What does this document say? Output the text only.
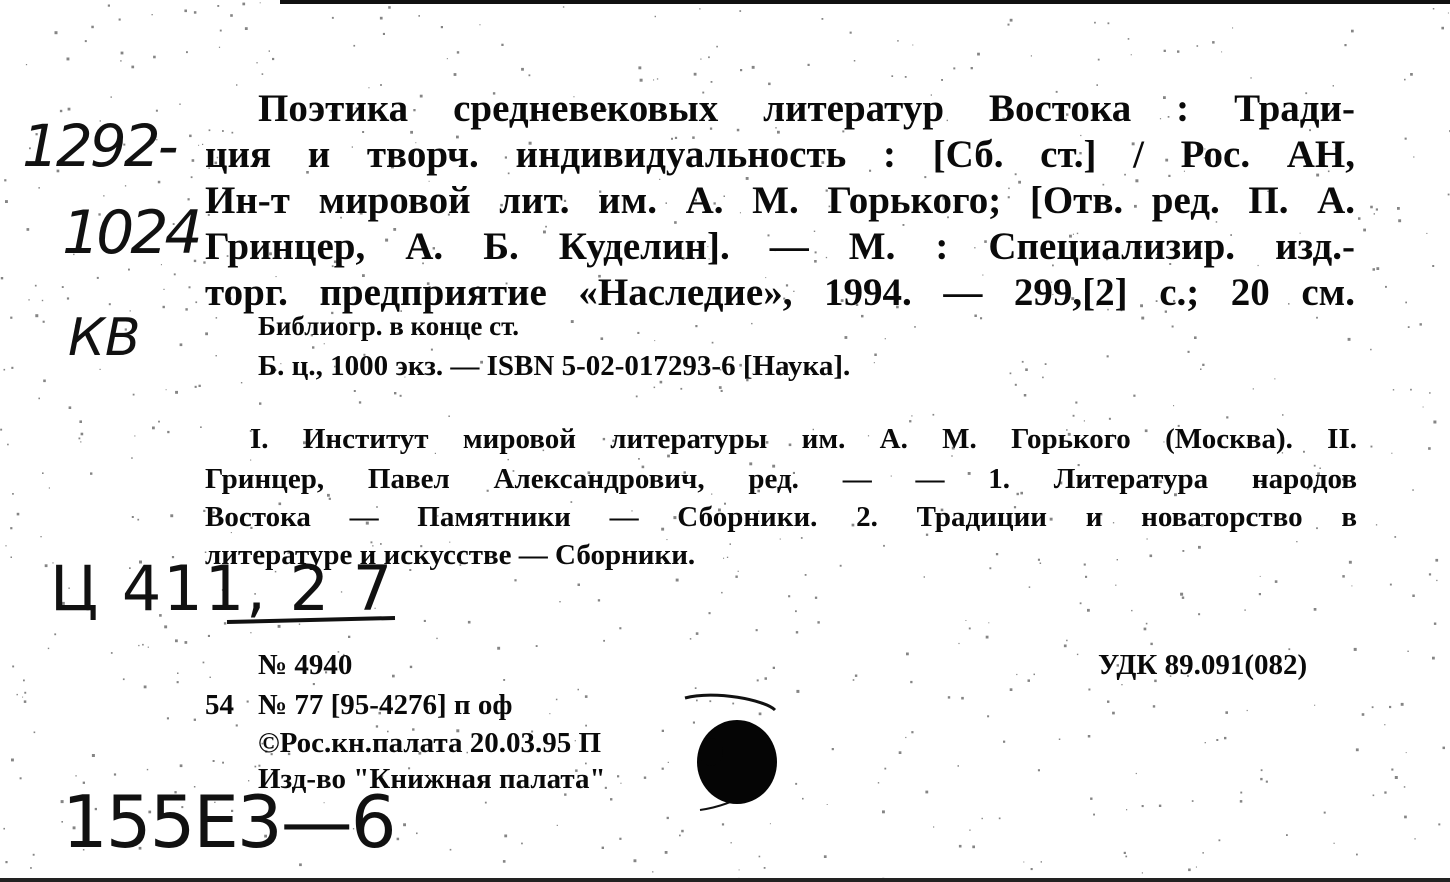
Поэтика средневековых литератур Востока : Тради-
ция и творч. индивидуальность : [Сб. ст.] / Рос. АН,
Ин-т мировой лит. им. А. М. Горького; [Отв. ред. П. А.
Гринцер, А. Б. Куделин]. — М. : Специализир. изд.-
торг. предприятие «Наследие», 1994. — 299,[2] с.; 20 см.
Библиогр. в конце ст.
Б. ц., 1000 экз. — ISBN 5-02-017293-6 [Наука].
I. Институт мировой литературы им. А. М. Горького (Москва). II.
Гринцер, Павел Александрович, ред. — — 1. Литература народов
Востока — Памятники — Сборники. 2. Традиции и новаторство в
литературе и искусстве — Сборники.
№ 4940	УДК 89.091(082)
54 № 77 [95-4276] п оф
©Рос.кн.палата 20.03.95 П
Изд-во "Книжная палата"
1292-
1024
КВ
Ц 411, 2 7
155Е3—6
